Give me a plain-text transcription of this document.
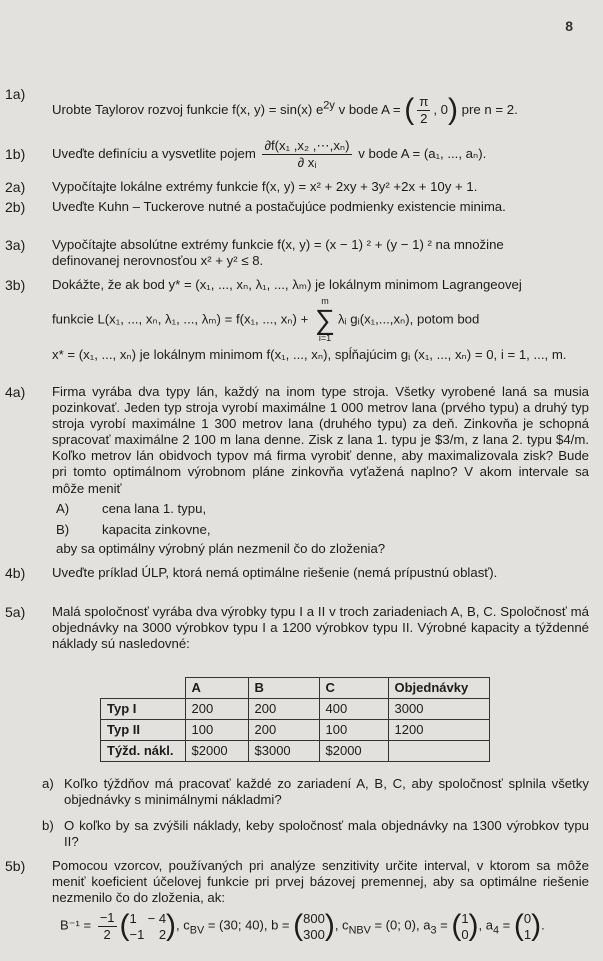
8
1a)
Urobte Taylorov rozvoj funkcie f(x, y) = sin(x) $e^{2y}$ v bode A = ( $\frac{\pi}{2}$ , 0) pre n = 2.
1b) Uveďte definíciu a vysvetlite pojem $\frac{\text{∂f(x₁ ,x₂ ,⋯,xₙ)}}{\text{∂ xᵢ}}$ v bode A = (a₁, ..., aₙ).
2a) Vypočítajte lokálne extrémy funkcie f(x, y) = x² + 2xy + 3y² +2x + 10y + 1.
2b) Uveďte Kuhn – Tuckerove nutné a postačujúce podmienky existencie minima.
3a) Vypočítajte absolútne extrémy funkcie f(x, y) = (x − 1) ² + (y − 1) ² na množine
definovanej nerovnosťou x² + y² ≤ 8.
3b) Dokážte, že ak bod y* = (x₁, ..., xₙ, λ₁, ..., λₘ) je lokálnym minimom Lagrangeovej
funkcie L(x₁, ..., xₙ, λ₁, ..., λₘ) = f(x₁, ..., xₙ) +
m
∑
i=1
λᵢ gᵢ(x₁,...,xₙ), potom bod
x* = (x₁, ..., xₙ) je lokálnym minimom f(x₁, ..., xₙ), spĺňajúcim gᵢ (x₁, ..., xₙ) = 0, i = 1, ..., m.
4a) Firma vyrába dva typy lán, každý na inom type stroja. Všetky vyrobené laná sa musia pozinkovať. Jeden typ stroja vyrobí maximálne 1 000 metrov lana (prvého typu) a druhý typ stroja vyrobí maximálne 1 300 metrov lana (druhého typu) za deň. Zinkovňa je schopná spracovať maximálne 2 100 m lana denne. Zisk z lana 1. typu je $3/m, z lana 2. typu $4/m. Koľko metrov lán obidvoch typov má firma vyrobiť denne, aby maximalizovala zisk? Bude pri tomto optimálnom výrobnom pláne zinkovňa vyťažená naplno? V akom intervale sa môže meniť
A)	cena lana 1. typu,
B)	kapacita zinkovne,
aby sa optimálny výrobný plán nezmenil čo do zloženia?
4b) Uveďte príklad ÚLP, ktorá nemá optimálne riešenie (nemá prípustnú oblasť).
5a) Malá spoločnosť vyrába dva výrobky typu I a II v troch zariadeniach A, B, C. Spoločnosť má objednávky na 3000 výrobkov typu I a 1200 výrobkov typu II. Výrobné kapacity a týždenné náklady sú nasledovné:
	A	B	C	Objednávky
Typ I	200	200	400	3000
Typ II	100	200	100	1200
Týžd. nákl.	$2000	$3000	$2000	
a) Koľko týždňov má pracovať každé zo zariadení A, B, C, aby spoločnosť splnila všetky objednávky s minimálnymi nákladmi?
b) O koľko by sa zvýšili náklady, keby spoločnosť mala objednávky na 1300 výrobkov typu II?
5b) Pomocou vzorcov, používaných pri analýze senzitivity určite interval, v ktorom sa môže meniť koeficient účelovej funkcie pri prvej bázovej premennej, aby sa optimálne riešenie nezmenilo čo do zloženia, ak:
$B^{-1} = \frac{-1}{2}$ ( 1 − 4
−1 2 ), $c_{BV} = (30$; 40), b = ( 800
300 ), $c_{NBV} = (0$; 0), $a_3$ = ( 1
0 ), $a_4$ = ( 0
1 ).
